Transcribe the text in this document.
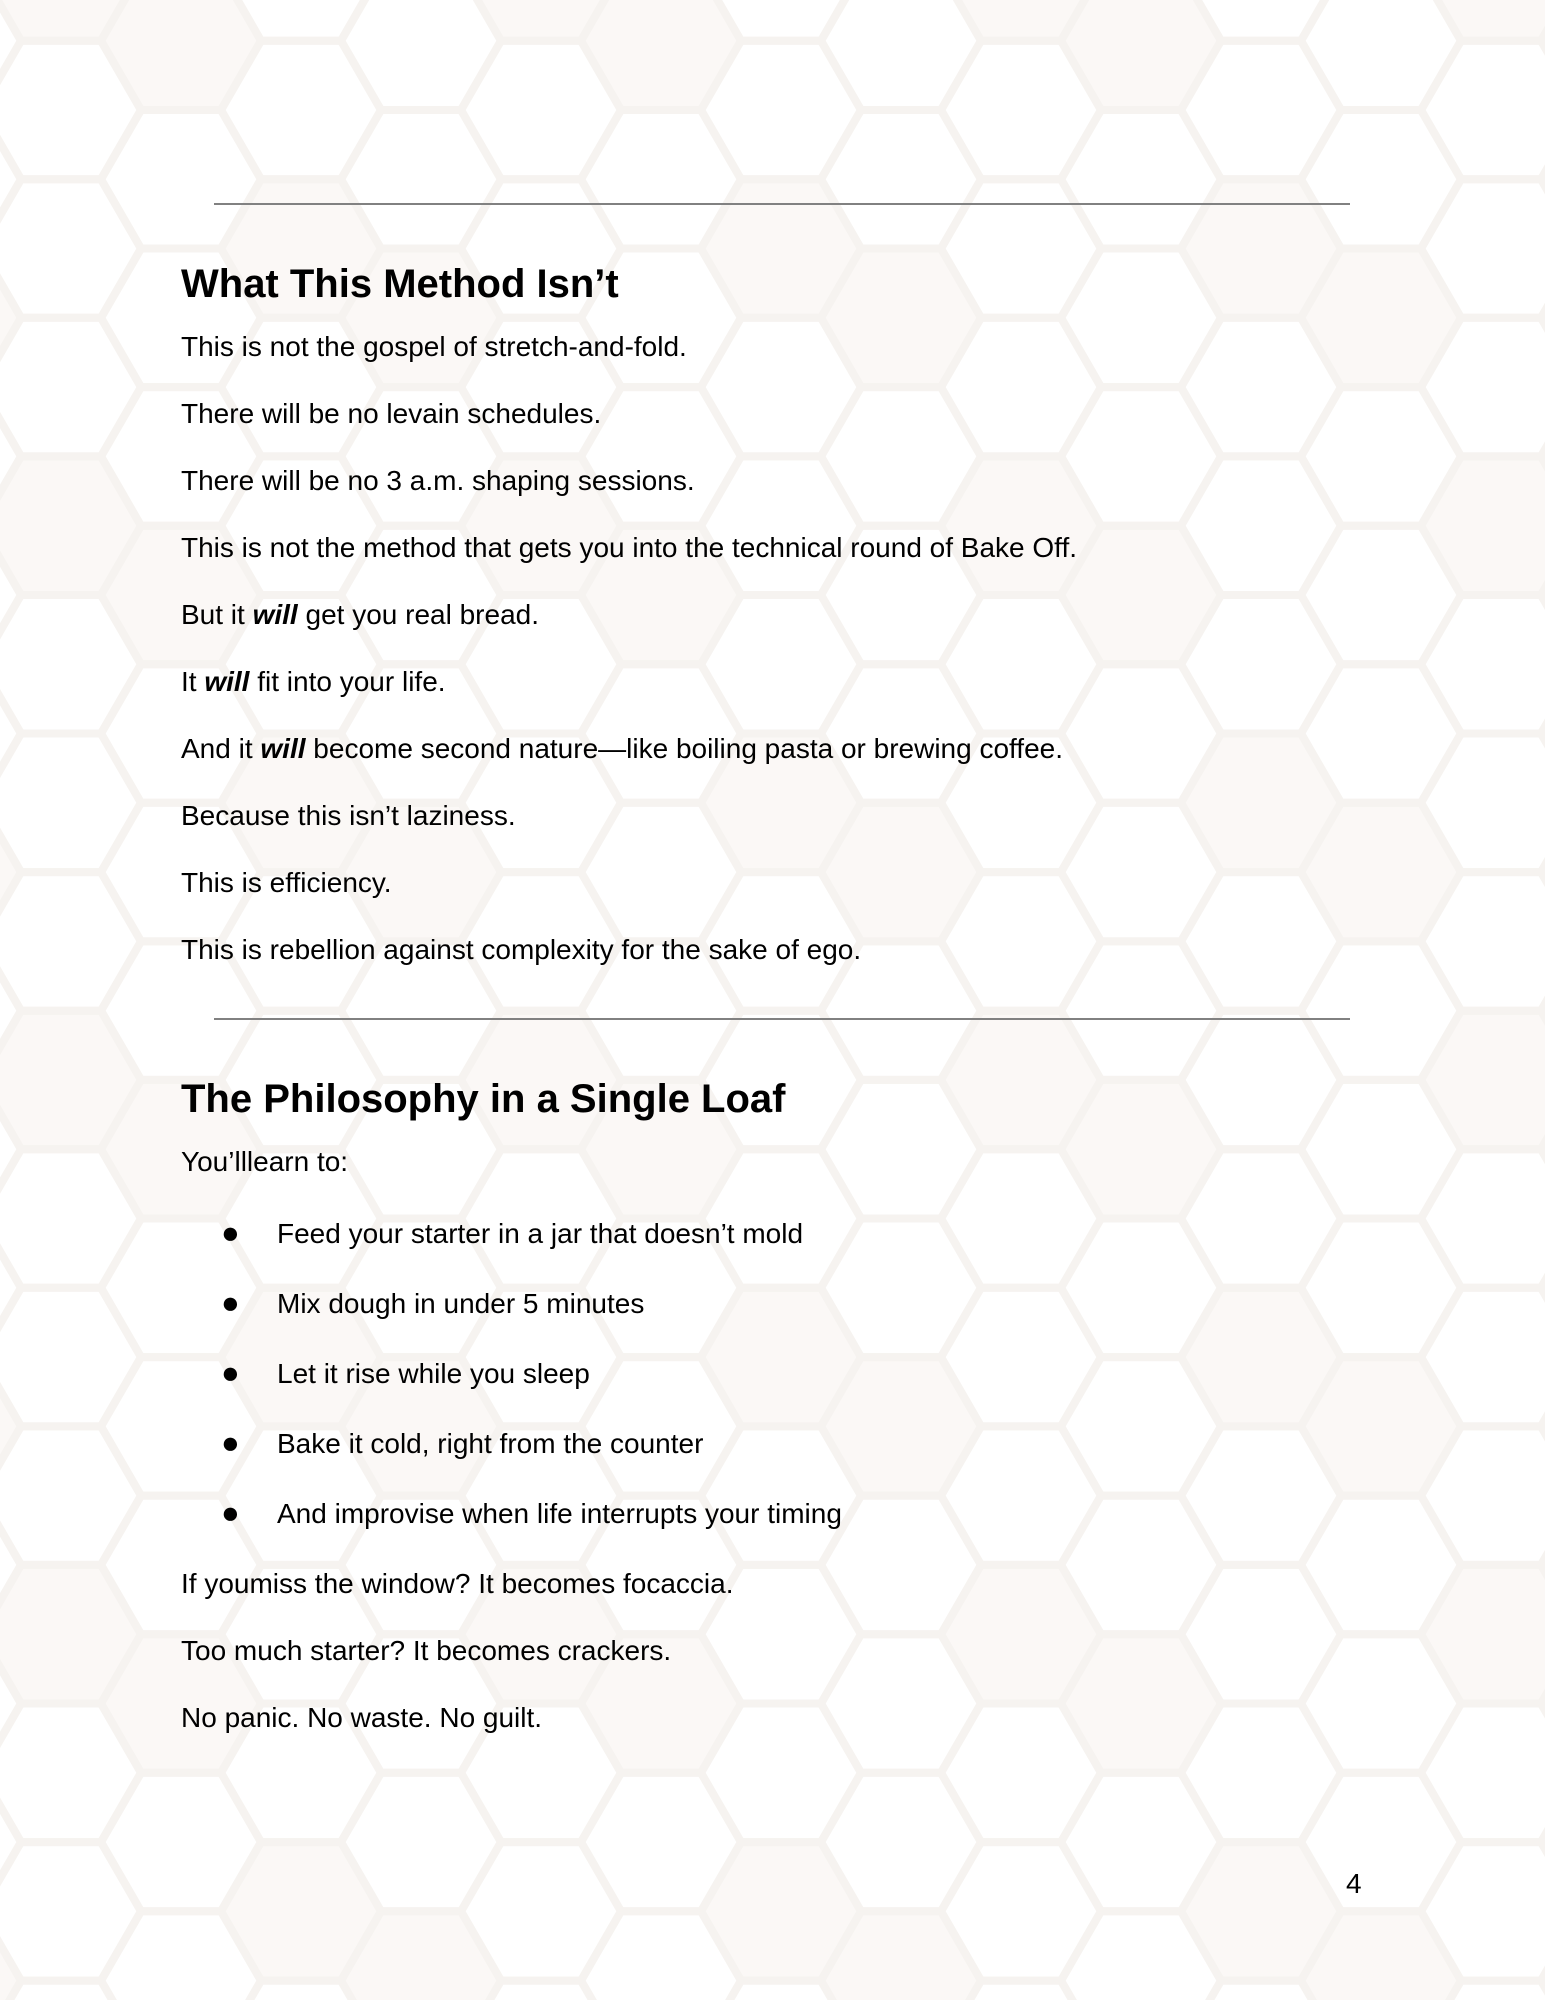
What This Method Isn’t

This is not the gospel of stretch-and-fold.

There will be no levain schedules.

There will be no 3 a.m. shaping sessions.

This is not the method that gets you into the technical round of Bake Off.

But it will get you real bread.

It will fit into your life.

And it will become second nature—like boiling pasta or brewing coffee.

Because this isn’t laziness.

This is efficiency.

This is rebellion against complexity for the sake of ego.

The Philosophy in a Single Loaf

You’lllearn to:

● Feed your starter in a jar that doesn’t mold
● Mix dough in under 5 minutes
● Let it rise while you sleep
● Bake it cold, right from the counter
● And improvise when life interrupts your timing

If youmiss the window? It becomes focaccia.

Too much starter? It becomes crackers.

No panic. No waste. No guilt.

4
